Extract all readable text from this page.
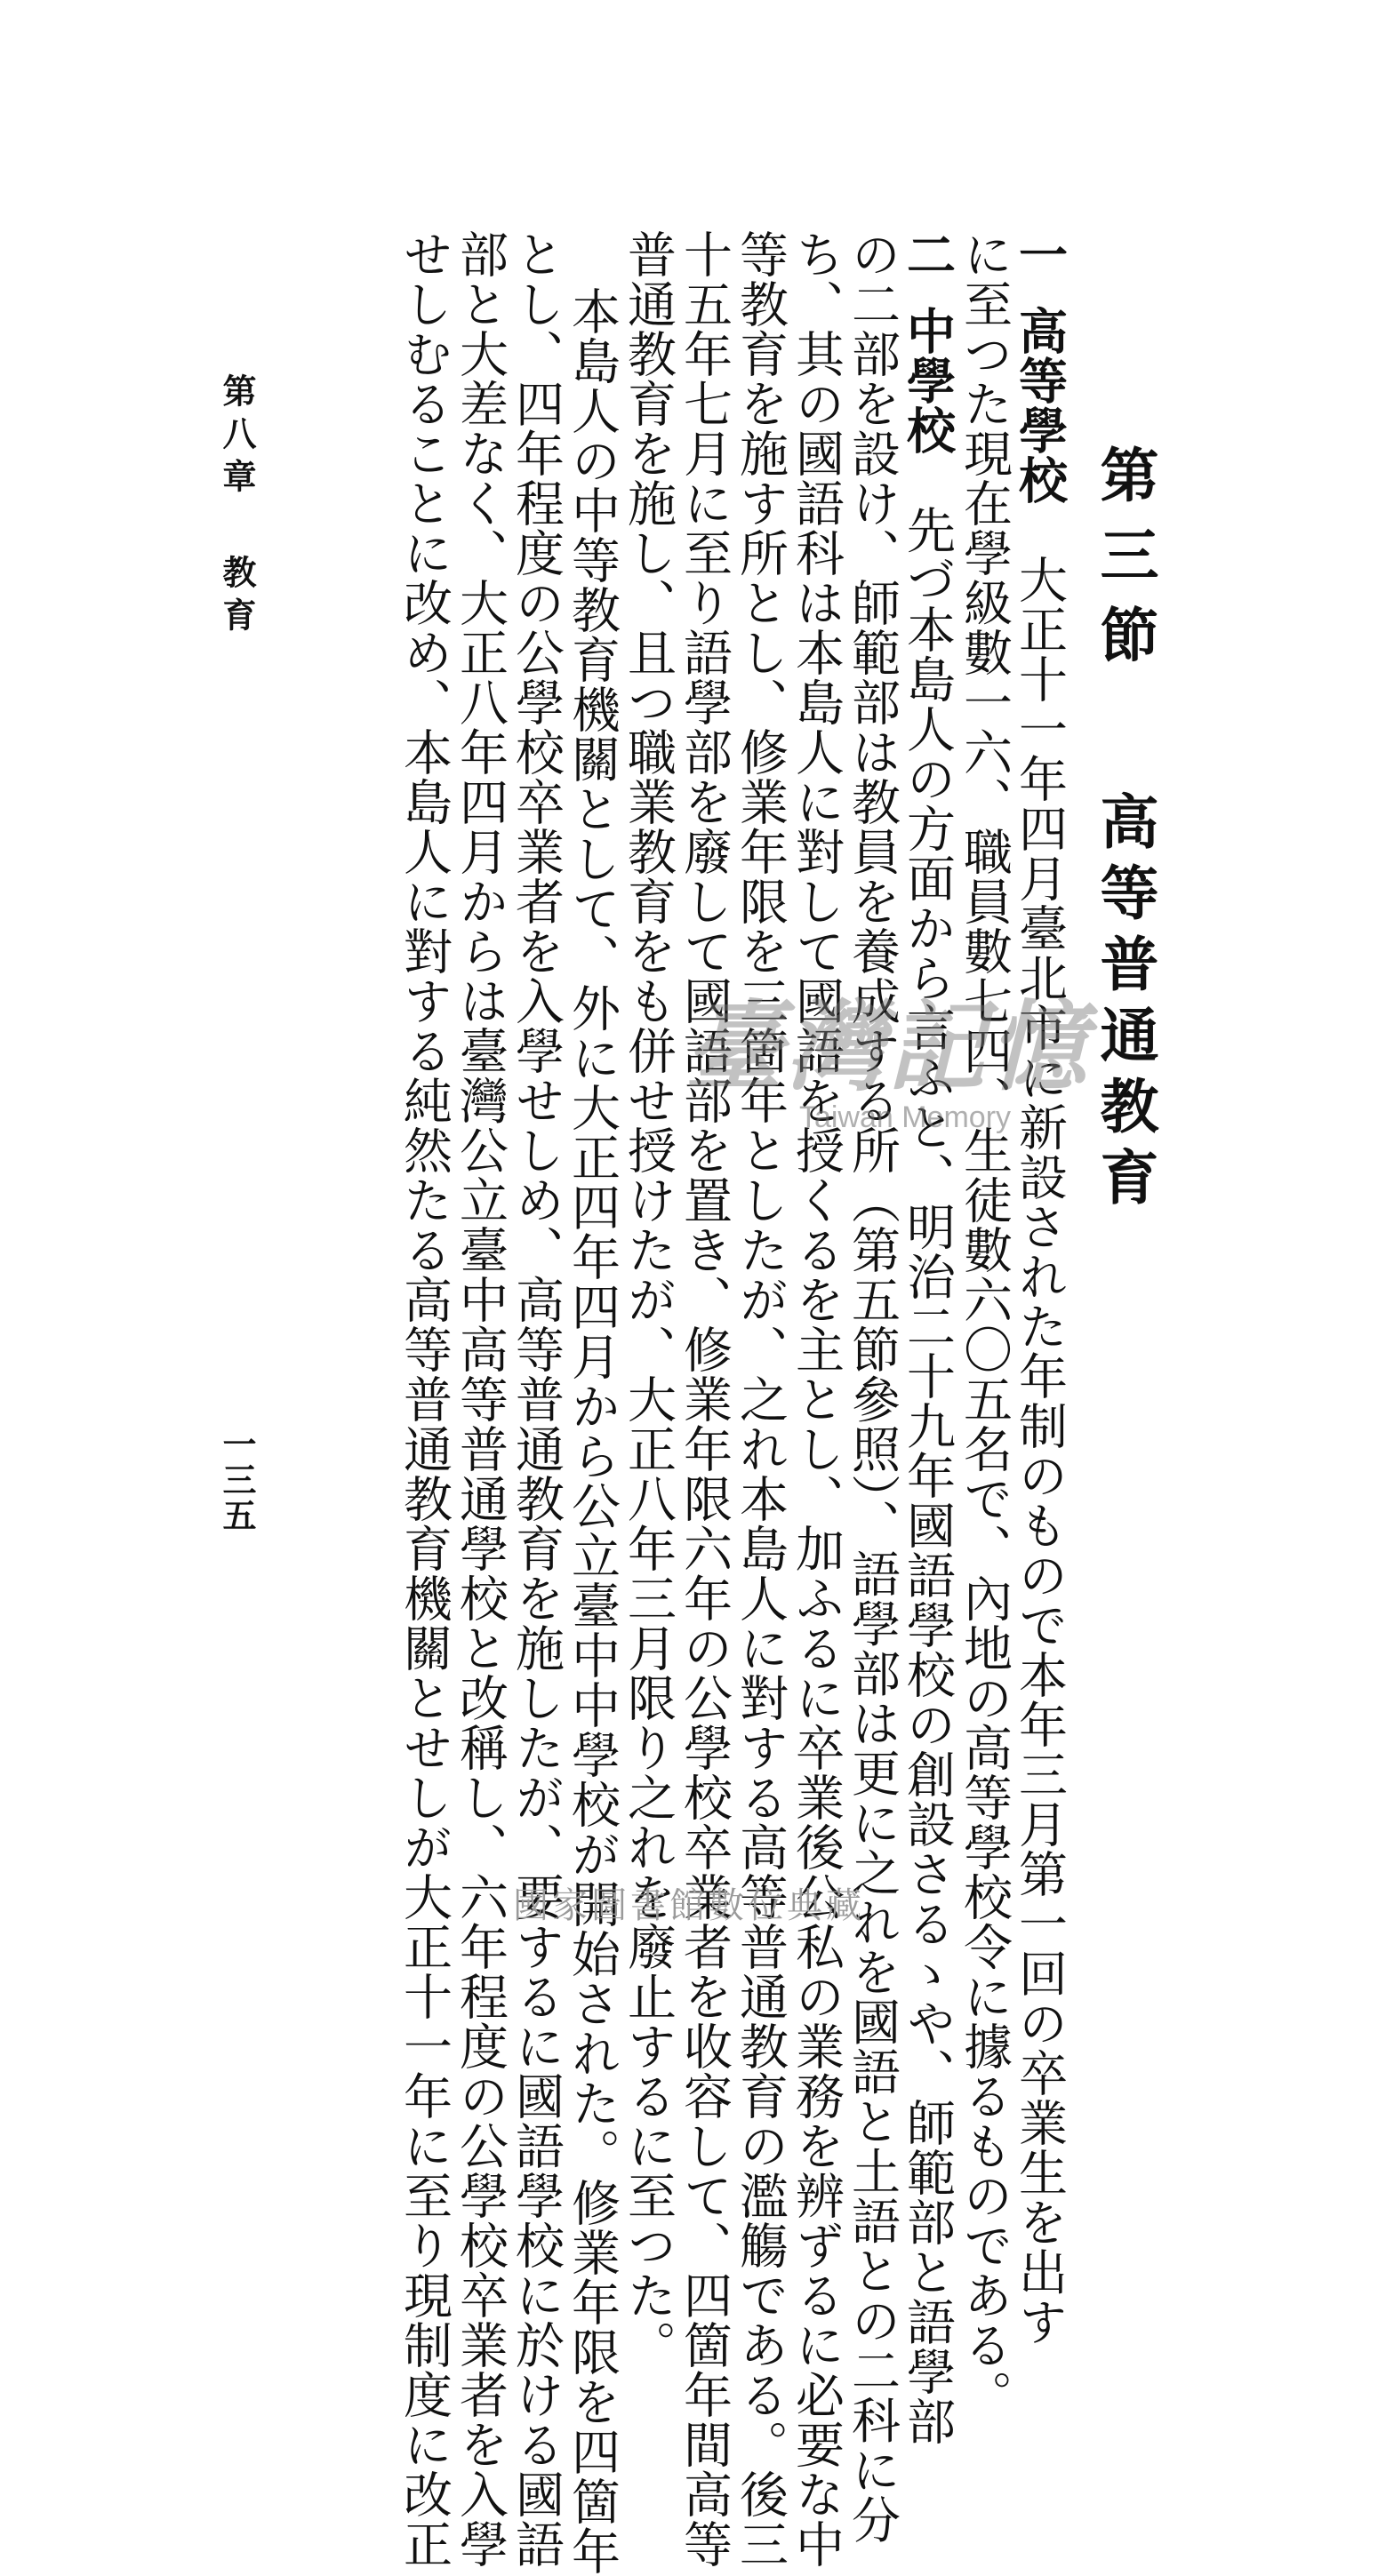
第三節高等普通教育
一高等學校　大正十一年四月臺北市に新設された年制のもので本年三月第一回の卒業生を出す
に至つた現在學級數一六、職員數七四、生徒數六〇五名で、內地の高等學校令に據るものである。
二中學校　先づ本島人の方面から言ふと、明治二十九年國語學校の創設さるゝや、師範部と語學部
の二部を設け、師範部は教員を養成する所（第五節參照）、語學部は更に之れを國語と土語との二科に分
ち、其の國語科は本島人に對して國語を授くるを主とし、加ふるに卒業後公私の業務を辨ずるに必要な中
等教育を施す所とし、修業年限を三箇年としたが、之れ本島人に對する高等普通教育の濫觴である。後三
十五年七月に至り語學部を廢して國語部を置き、修業年限六年の公學校卒業者を收容して、四箇年間高等
普通教育を施し、且つ職業教育をも併せ授けたが、大正八年三月限り之れを廢止するに至つた。
本島人の中等教育機關として、外に大正四年四月から公立臺中中學校が開始された。修業年限を四箇年
とし、四年程度の公學校卒業者を入學せしめ、高等普通教育を施したが、要するに國語學校に於ける國語
部と大差なく、大正八年四月からは臺灣公立臺中高等普通學校と改稱し、六年程度の公學校卒業者を入學
せしむることに改め、本島人に對する純然たる高等普通教育機關とせしが大正十一年に至り現制度に改正
第八章教育
一三五
臺灣記憶
Taiwan Memory
國家圖書館數位典藏
